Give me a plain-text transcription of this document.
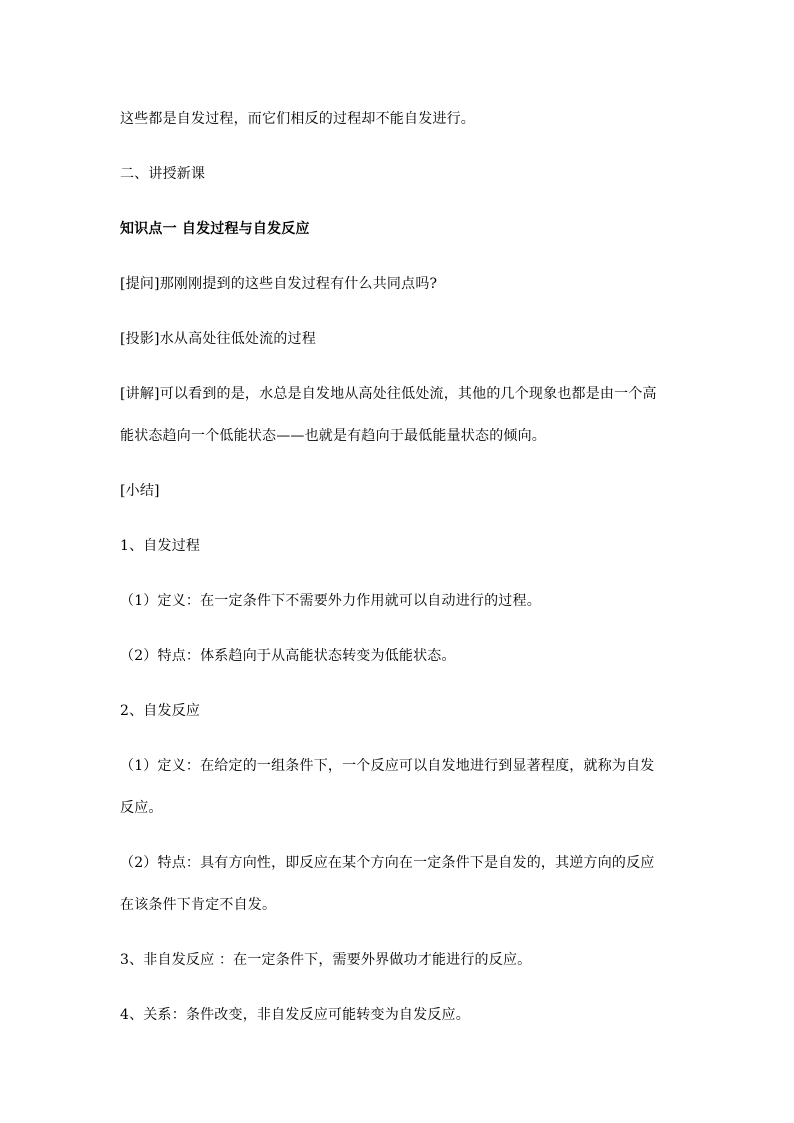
这些都是自发过程，而它们相反的过程却不能自发进行。
二、讲授新课
知识点一 自发过程与自发反应
[提问]那刚刚提到的这些自发过程有什么共同点吗?
[投影]水从高处往低处流的过程
[讲解]可以看到的是，水总是自发地从高处往低处流，其他的几个现象也都是由一个高
能状态趋向一个低能状态——也就是有趋向于最低能量状态的倾向。
[小结]
1、自发过程
（1）定义：在一定条件下不需要外力作用就可以自动进行的过程。
（2）特点：体系趋向于从高能状态转变为低能状态。
2、自发反应
（1）定义：在给定的一组条件下，一个反应可以自发地进行到显著程度，就称为自发
反应。
（2）特点：具有方向性，即反应在某个方向在一定条件下是自发的，其逆方向的反应
在该条件下肯定不自发。
3、非自发反应 ：在一定条件下，需要外界做功才能进行的反应。
4、关系：条件改变，非自发反应可能转变为自发反应。
